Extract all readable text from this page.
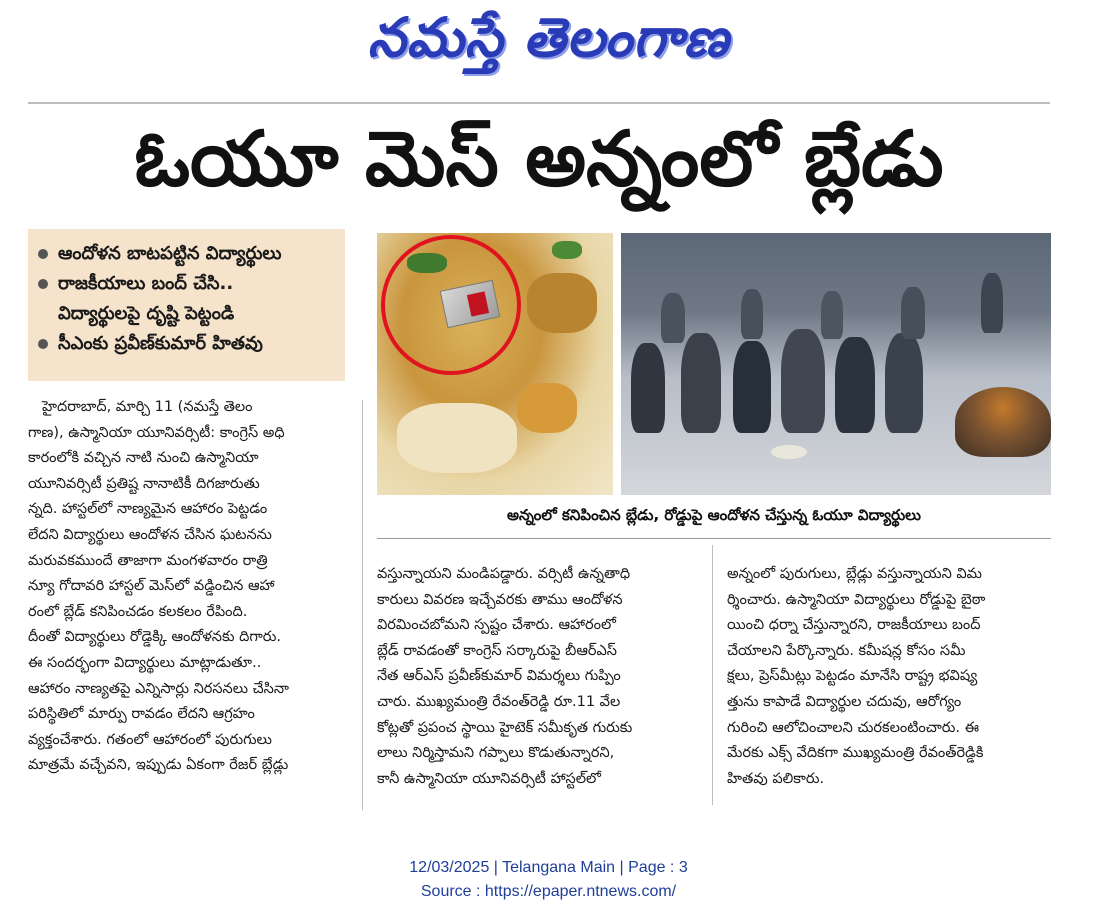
నమస్తే తెలంగాణ
ఓయూ మెస్ అన్నంలో బ్లేడు
ఆందోళన బాటపట్టిన విద్యార్థులు
రాజకీయాలు బంద్ చేసి..
విద్యార్థులపై దృష్టి పెట్టండి
సీఎంకు ప్రవీణ్‌కుమార్ హితవు
అన్నంలో కనిపించిన బ్లేడు, రోడ్డుపై ఆందోళన చేస్తున్న ఓయూ విద్యార్థులు
హైదరాబాద్, మార్చి 11 (నమస్తే తెలం
గాణ), ఉస్మానియా యూనివర్సిటీ: కాంగ్రెస్ అధి
కారంలోకి వచ్చిన నాటి నుంచి ఉస్మానియా
యూనివర్సిటీ ప్రతిష్ట నానాటికీ దిగజారుతు
న్నది. హాస్టల్‌లో నాణ్యమైన ఆహారం పెట్టడం
లేదని విద్యార్థులు ఆందోళన చేసిన ఘటనను
మరువకముందే తాజాగా మంగళవారం రాత్రి
న్యూ గోదావరి హాస్టల్ మెస్‌లో వడ్డించిన ఆహా
రంలో బ్లేడ్ కనిపించడం కలకలం రేపింది.
దీంతో విద్యార్థులు రోడ్డెక్కి ఆందోళనకు దిగారు.
ఈ సందర్భంగా విద్యార్థులు మాట్లాడుతూ..
ఆహారం నాణ్యతపై ఎన్నిసార్లు నిరసనలు చేసినా
పరిస్థితిలో మార్పు రావడం లేదని ఆగ్రహం
వ్యక్తంచేశారు. గతంలో ఆహారంలో పురుగులు
మాత్రమే వచ్చేవని, ఇప్పుడు ఏకంగా రేజర్ బ్లేడ్లు
వస్తున్నాయని మండిపడ్డారు. వర్సిటీ ఉన్నతాధి
కారులు వివరణ ఇచ్చేవరకు తాము ఆందోళన
విరమించబోమని స్పష్టం చేశారు. ఆహారంలో
బ్లేడ్ రావడంతో కాంగ్రెస్ సర్కారుపై బీఆర్‌ఎస్
నేత ఆర్‌ఎస్ ప్రవీణ్‌కుమార్ విమర్శలు గుప్పిం
చారు. ముఖ్యమంత్రి రేవంత్‌రెడ్డి రూ.11 వేల
కోట్లతో ప్రపంచ స్థాయి హైటెక్ సమీకృత గురుకు
లాలు నిర్మిస్తామని గప్పాలు కొడుతున్నారని,
కానీ ఉస్మానియా యూనివర్సిటీ హాస్టల్‌లో
అన్నంలో పురుగులు, బ్లేడ్లు వస్తున్నాయని విమ
ర్శించారు. ఉస్మానియా విద్యార్థులు రోడ్డుపై బైఠా
యించి ధర్నా చేస్తున్నారని, రాజకీయాలు బంద్
చేయాలని పేర్కొన్నారు. కమీషన్ల కోసం సమీ
క్షలు, ప్రెస్‌మీట్లు పెట్టడం మానేసి రాష్ట్ర భవిష్య
త్తును కాపాడే విద్యార్థుల చదువు, ఆరోగ్యం
గురించి ఆలోచించాలని చురకలంటించారు. ఈ
మేరకు ఎక్స్ వేదికగా ముఖ్యమంత్రి రేవంత్‌రెడ్డికి
హితవు పలికారు.
12/03/2025 | Telangana Main | Page : 3
Source : https://epaper.ntnews.com/
